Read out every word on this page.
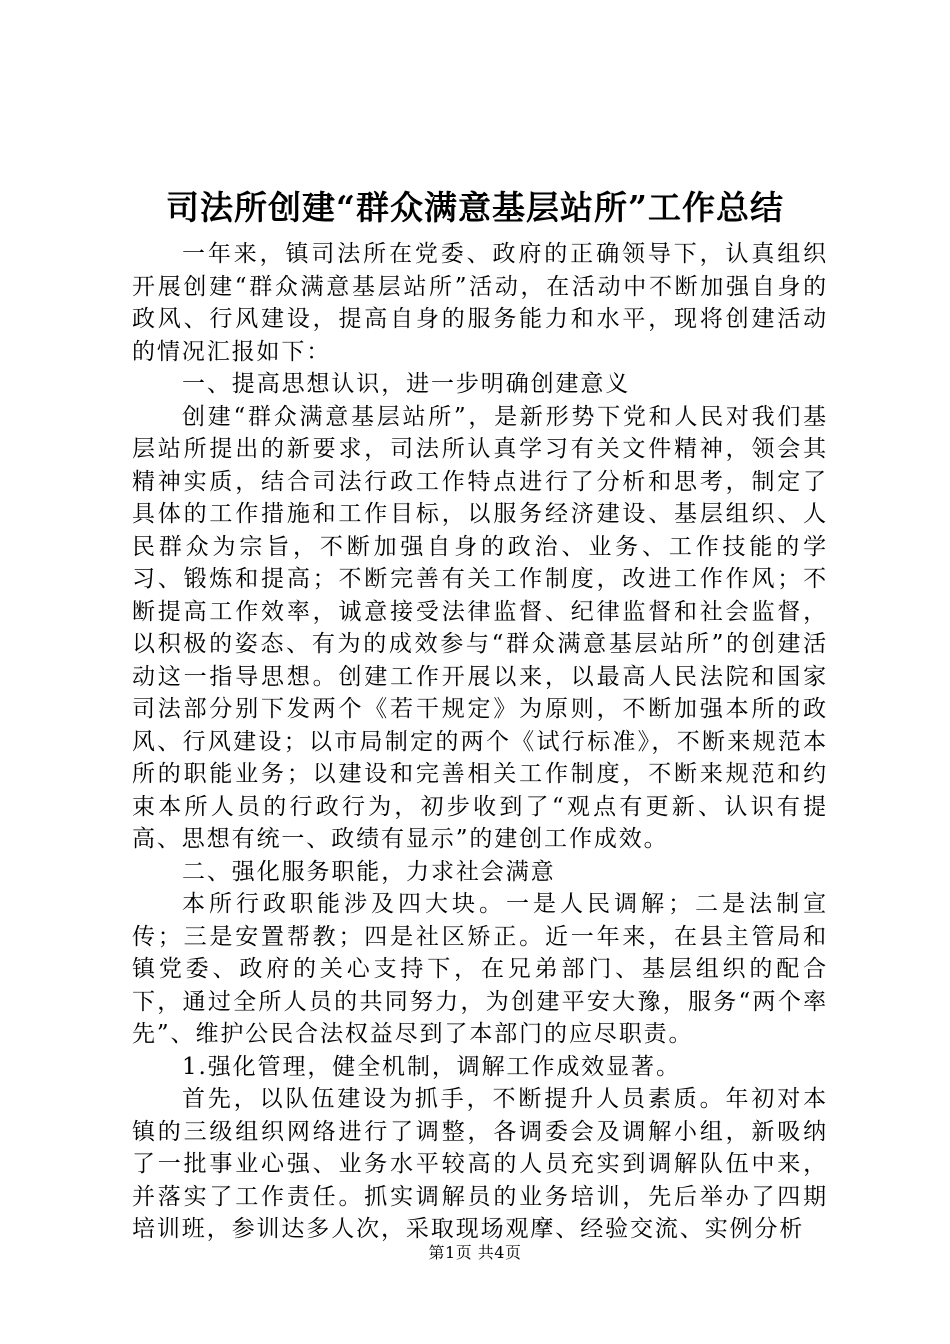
司法所创建“群众满意基层站所”工作总结

一年来，镇司法所在党委、政府的正确领导下，认真组织开展创建“群众满意基层站所”活动，在活动中不断加强自身的政风、行风建设，提高自身的服务能力和水平，现将创建活动的情况汇报如下：

一、提高思想认识，进一步明确创建意义

创建“群众满意基层站所”，是新形势下党和人民对我们基层站所提出的新要求，司法所认真学习有关文件精神，领会其精神实质，结合司法行政工作特点进行了分析和思考，制定了具体的工作措施和工作目标，以服务经济建设、基层组织、人民群众为宗旨，不断加强自身的政治、业务、工作技能的学习、锻炼和提高；不断完善有关工作制度，改进工作作风；不断提高工作效率，诚意接受法律监督、纪律监督和社会监督，以积极的姿态、有为的成效参与“群众满意基层站所”的创建活动这一指导思想。创建工作开展以来，以最高人民法院和国家司法部分别下发两个《若干规定》为原则，不断加强本所的政风、行风建设；以市局制定的两个《试行标准》，不断来规范本所的职能业务；以建设和完善相关工作制度，不断来规范和约束本所人员的行政行为，初步收到了“观点有更新、认识有提高、思想有统一、政绩有显示”的建创工作成效。

二、强化服务职能，力求社会满意

本所行政职能涉及四大块。一是人民调解；二是法制宣传；三是安置帮教；四是社区矫正。近一年来，在县主管局和镇党委、政府的关心支持下，在兄弟部门、基层组织的配合下，通过全所人员的共同努力，为创建平安大豫，服务“两个率先”、维护公民合法权益尽到了本部门的应尽职责。

1.强化管理，健全机制，调解工作成效显著。

首先，以队伍建设为抓手，不断提升人员素质。年初对本镇的三级组织网络进行了调整，各调委会及调解小组，新吸纳了一批事业心强、业务水平较高的人员充实到调解队伍中来，并落实了工作责任。抓实调解员的业务培训，先后举办了四期培训班，参训达多人次，采取现场观摩、经验交流、实例分析

第1页 共4页
